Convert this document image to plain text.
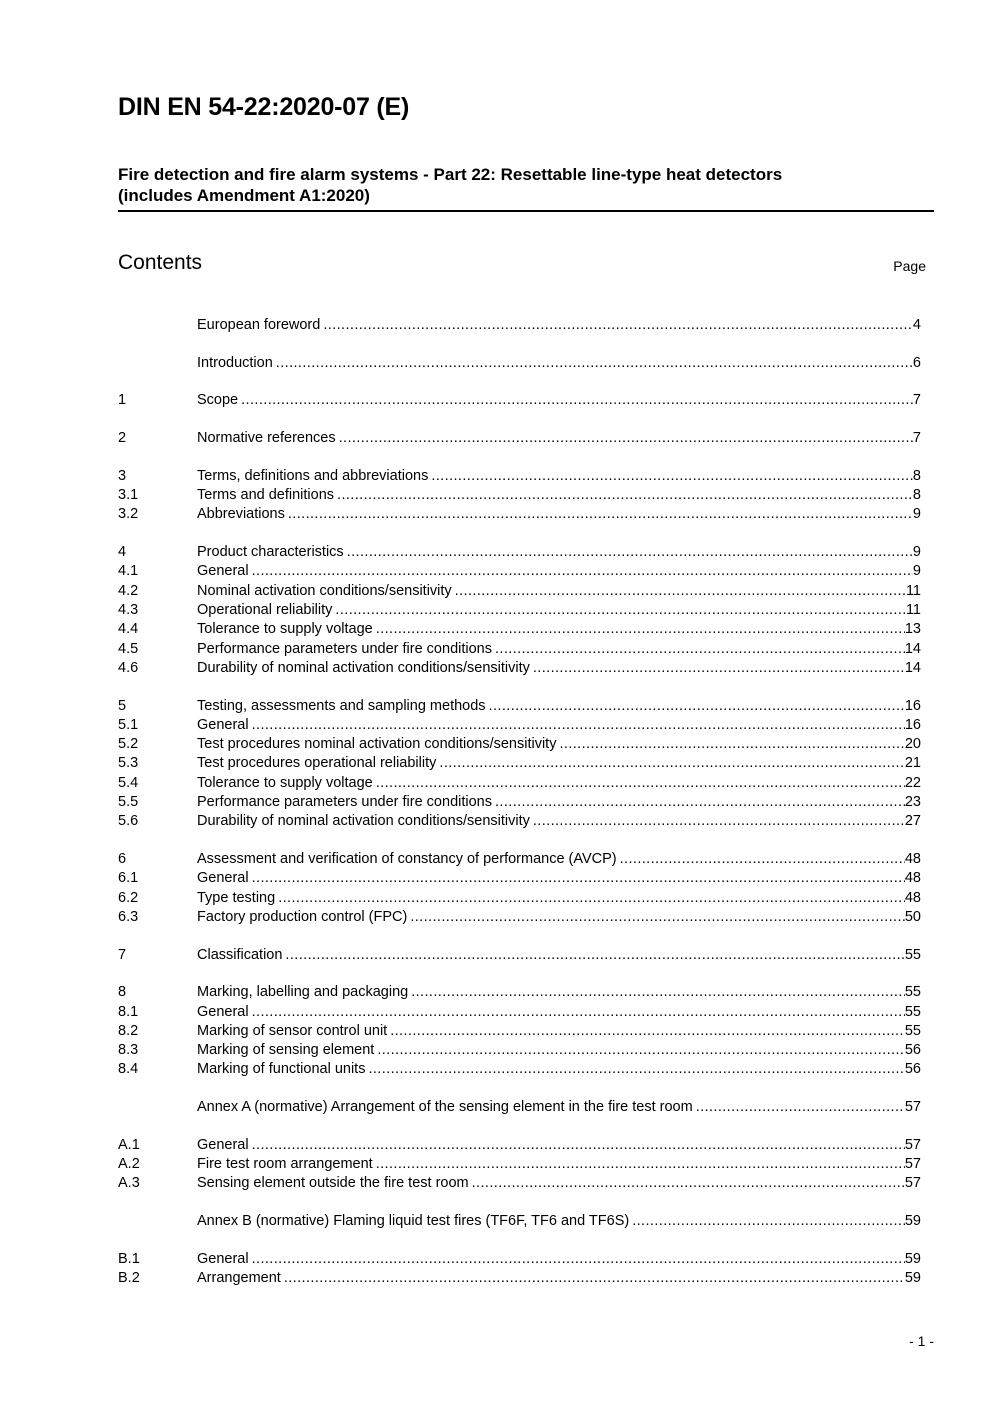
DIN EN 54-22:2020-07 (E)
Fire detection and fire alarm systems - Part 22: Resettable line-type heat detectors
(includes Amendment A1:2020)
Contents	Page
European foreword .....	4
Introduction .....	6
1	Scope .....	7
2	Normative references .....	7
3	Terms, definitions and abbreviations .....	8
3.1	Terms and definitions .....	8
3.2	Abbreviations .....	9
4	Product characteristics .....	9
4.1	General .....	9
4.2	Nominal activation conditions/sensitivity .....	11
4.3	Operational reliability .....	11
4.4	Tolerance to supply voltage .....	13
4.5	Performance parameters under fire conditions .....	14
4.6	Durability of nominal activation conditions/sensitivity .....	14
5	Testing, assessments and sampling methods .....	16
5.1	General .....	16
5.2	Test procedures nominal activation conditions/sensitivity .....	20
5.3	Test procedures operational reliability .....	21
5.4	Tolerance to supply voltage .....	22
5.5	Performance parameters under fire conditions .....	23
5.6	Durability of nominal activation conditions/sensitivity .....	27
6	Assessment and verification of constancy of performance (AVCP) .....	48
6.1	General .....	48
6.2	Type testing .....	48
6.3	Factory production control (FPC) .....	50
7	Classification .....	55
8	Marking, labelling and packaging .....	55
8.1	General .....	55
8.2	Marking of sensor control unit .....	55
8.3	Marking of sensing element .....	56
8.4	Marking of functional units .....	56
Annex A (normative) Arrangement of the sensing element in the fire test room .....	57
A.1	General .....	57
A.2	Fire test room arrangement .....	57
A.3	Sensing element outside the fire test room .....	57
Annex B (normative) Flaming liquid test fires (TF6F, TF6 and TF6S) .....	59
B.1	General .....	59
B.2	Arrangement .....	59
- 1 -
